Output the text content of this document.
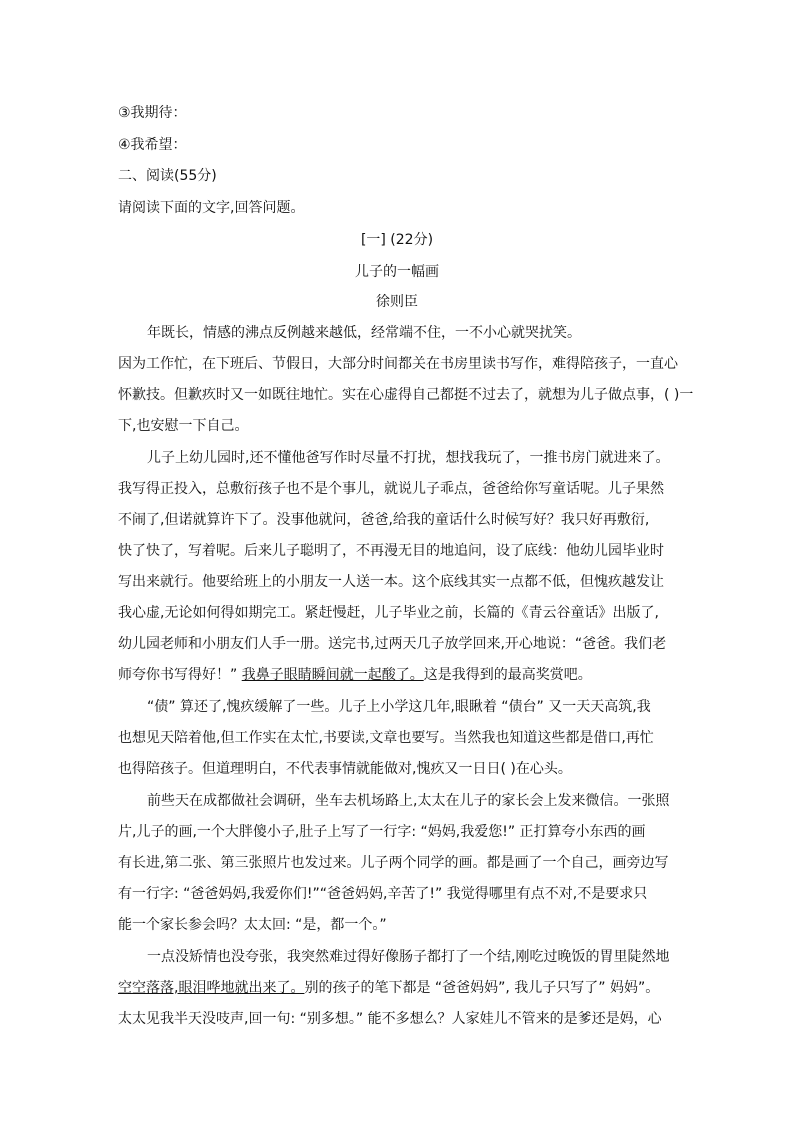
③我期待：
④我希望：
二、阅读(55分)
请阅读下面的文字,回答问题。
[一] (22分)
儿子的一幅画
徐则臣
年既长，情感的沸点反例越来越低，经常端不住，一不小心就哭扰笑。
因为工作忙，在下班后、节假日，大部分时间都关在书房里读书写作，难得陪孩子，一直心
怀歉技。但歉疚时又一如既往地忙。实在心虚得自己都挺不过去了，就想为儿子做点事，( )一
下,也安慰一下自己。
儿子上幼儿园时,还不懂他爸写作时尽量不打扰，想找我玩了，一推书房门就进来了。
我写得正投入，总敷衍孩子也不是个事儿，就说儿子乖点，爸爸给你写童话呢。儿子果然
不闹了,但诺就算许下了。没事他就问，爸爸,给我的童话什么时候写好？我只好再敷衍,
快了快了，写着呢。后来儿子聪明了，不再漫无目的地追问，设了底线：他幼儿园毕业时
写出来就行。他要给班上的小朋友一人送一本。这个底线其实一点都不低，但愧疚越发让
我心虚,无论如何得如期完工。紧赶慢赶，儿子毕业之前，长篇的《青云谷童话》出版了,
幼儿园老师和小朋友们人手一册。送完书,过两天几子放学回来,开心地说：“爸爸。我们老
师夸你书写得好！” 我鼻子眼睛瞬间就一起酸了。这是我得到的最高奖赏吧。
“债” 算还了,愧疚缓解了一些。儿子上小学这几年,眼瞅着 “债台” 又一天天高筑,我
也想见天陪着他,但工作实在太忙,书要读,文章也要写。当然我也知道这些都是借口,再忙
也得陪孩子。但道理明白，不代表事情就能做对,愧疚又一日日( )在心头。
前些天在成都做社会调研，坐车去机场路上,太太在儿子的家长会上发来微信。一张照
片,儿子的画,一个大胖傻小子,肚子上写了一行字: “妈妈,我爱您!” 正打算夸小东西的画
有长进,第二张、第三张照片也发过来。儿子两个同学的画。都是画了一个自己，画旁边写
有一行字: “爸爸妈妈,我爱你们!”“爸爸妈妈,辛苦了!” 我觉得哪里有点不对,不是要求只
能一个家长参会吗？太太回: “是，都一个。”
一点没矫情也没夸张，我突然难过得好像肠子都打了一个结,刚吃过晚饭的胃里陡然地
空空落落,眼泪哗地就出来了。别的孩子的笔下都是 “爸爸妈妈”, 我儿子只写了” 妈妈”。
太太见我半天没吱声,回一句: “别多想。” 能不多想么？人家娃儿不管来的是爹还是妈，心
